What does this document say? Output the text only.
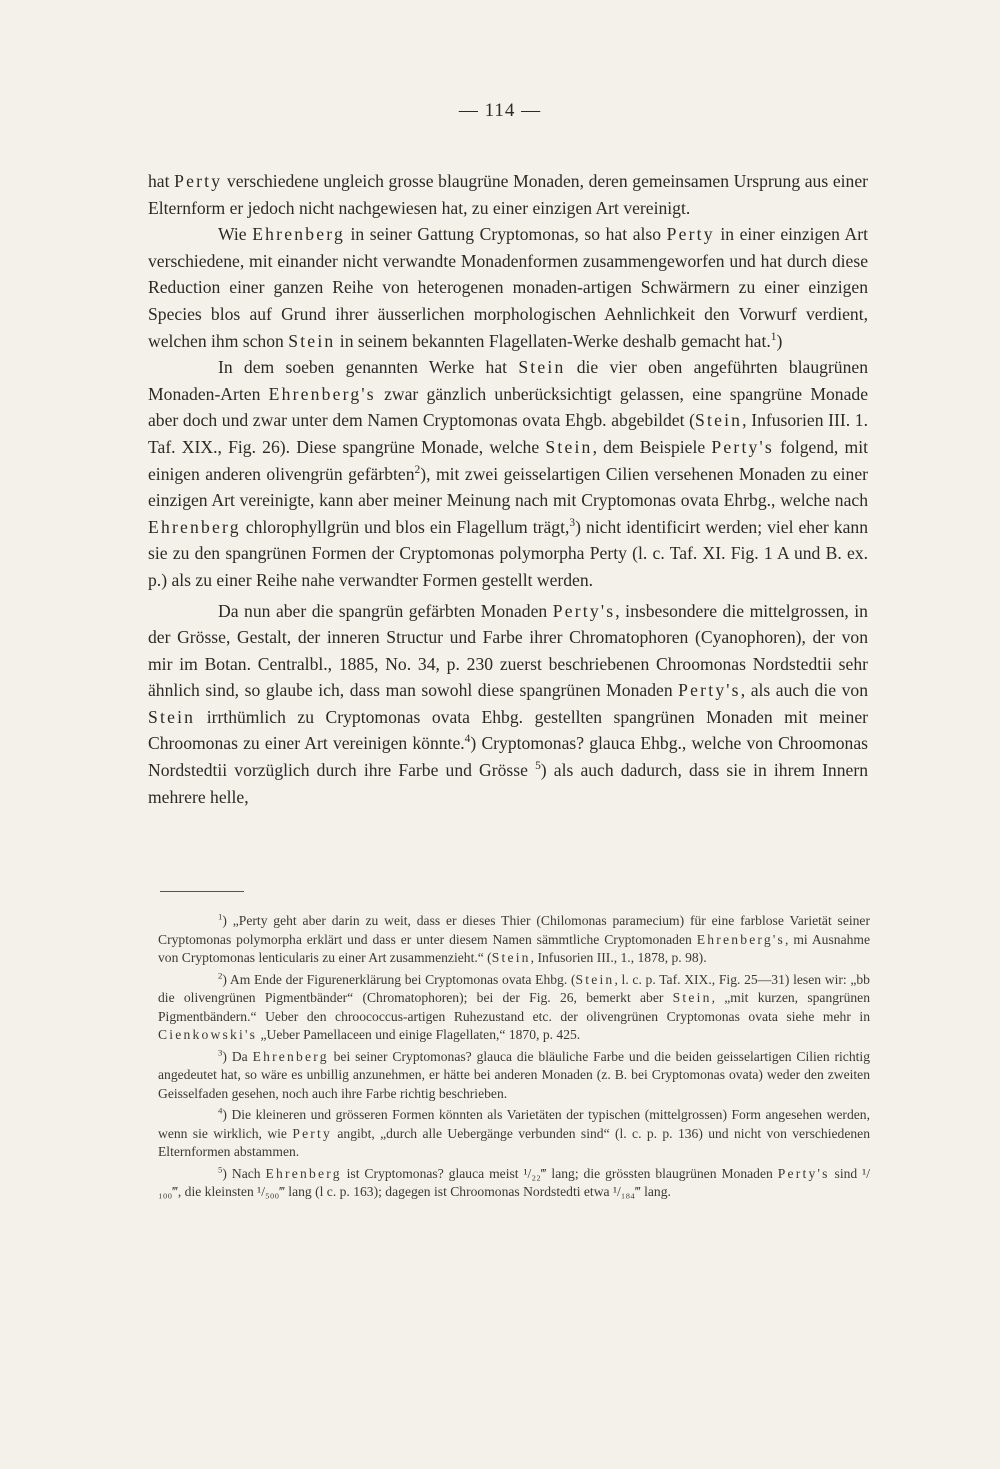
— 114 —

hat Perty verschiedene ungleich grosse blaugrüne Monaden, deren gemeinsamen Ursprung aus einer Elternform er jedoch nicht nachgewiesen hat, zu einer einzigen Art vereinigt.

Wie Ehrenberg in seiner Gattung Cryptomonas, so hat also Perty in einer einzigen Art verschiedene, mit einander nicht verwandte Monadenformen zusammengeworfen und hat durch diese Reduction einer ganzen Reihe von heterogenen monaden-artigen Schwärmern zu einer einzigen Species blos auf Grund ihrer äusserlichen morphologischen Aehnlichkeit den Vorwurf verdient, welchen ihm schon Stein in seinem bekannten Flagellaten-Werke deshalb gemacht hat.$^1$)

In dem soeben genannten Werke hat Stein die vier oben angeführten blaugrünen Monaden-Arten Ehrenberg's zwar gänzlich unberücksichtigt gelassen, eine spangrüne Monade aber doch und zwar unter dem Namen Cryptomonas ovata Ehgb. abgebildet (Stein, Infusorien III. 1. Taf. XIX., Fig. 26). Diese spangrüne Monade, welche Stein, dem Beispiele Perty's folgend, mit einigen anderen olivengrün gefärbten$^2$), mit zwei geisselartigen Cilien versehenen Monaden zu einer einzigen Art vereinigte, kann aber meiner Meinung nach mit Cryptomonas ovata Ehrbg., welche nach Ehrenberg chlorophyllgrün und blos ein Flagellum trägt,$^3$) nicht identificirt werden; viel eher kann sie zu den spangrünen Formen der Cryptomonas polymorpha Perty (l. c. Taf. XI. Fig. 1 A und B. ex. p.) als zu einer Reihe nahe verwandter Formen gestellt werden.

Da nun aber die spangrün gefärbten Monaden Perty's, insbesondere die mittelgrossen, in der Grösse, Gestalt, der inneren Structur und Farbe ihrer Chromatophoren (Cyanophoren), der von mir im Botan. Centralbl., 1885, No. 34, p. 230 zuerst beschriebenen Chroomonas Nordstedtii sehr ähnlich sind, so glaube ich, dass man sowohl diese spangrünen Monaden Perty's, als auch die von Stein irrthümlich zu Cryptomonas ovata Ehbg. gestellten spangrünen Monaden mit meiner Chroomonas zu einer Art vereinigen könnte.$^4$) Cryptomonas? glauca Ehbg., welche von Chroomonas Nordstedtii vorzüglich durch ihre Farbe und Grösse $^5$) als auch dadurch, dass sie in ihrem Innern mehrere helle,

$^1$) „Perty geht aber darin zu weit, dass er dieses Thier (Chilomonas paramecium) für eine farblose Varietät seiner Cryptomonas polymorpha erklärt und dass er unter diesem Namen sämmtliche Cryptomonaden Ehrenberg's, mi Ausnahme von Cryptomonas lenticularis zu einer Art zusammenzieht.“ (Stein, Infusorien III., 1., 1878, p. 98).

$^2$) Am Ende der Figurenerklärung bei Cryptomonas ovata Ehbg. (Stein, l. c. p. Taf. XIX., Fig. 25—31) lesen wir: „bb die olivengrünen Pigmentbänder“ (Chromatophoren); bei der Fig. 26, bemerkt aber Stein, „mit kurzen, spangrünen Pigmentbändern.“ Ueber den chroococcus-artigen Ruhezustand etc. der olivengrünen Cryptomonas ovata siehe mehr in Cienkowski's „Ueber Pamellaceen und einige Flagellaten,“ 1870, p. 425.

$^3$) Da Ehrenberg bei seiner Cryptomonas? glauca die bläuliche Farbe und die beiden geisselartigen Cilien richtig angedeutet hat, so wäre es unbillig anzunehmen, er hätte bei anderen Monaden (z. B. bei Cryptomonas ovata) weder den zweiten Geisselfaden gesehen, noch auch ihre Farbe richtig beschrieben.

$^4$) Die kleineren und grösseren Formen könnten als Varietäten der typischen (mittelgrossen) Form angesehen werden, wenn sie wirklich, wie Perty angibt, „durch alle Uebergänge verbunden sind“ (l. c. p. p. 136) und nicht von verschiedenen Elternformen abstammen.

$^5$) Nach Ehrenberg ist Cryptomonas? glauca meist ¹/₂₂‴ lang; die grössten blaugrünen Monaden Perty's sind ¹/₁₀₀‴, die kleinsten ¹/₅₀₀‴ lang (l c. p. 163); dagegen ist Chroomonas Nordstedti etwa ¹/₁₈₄‴ lang.
